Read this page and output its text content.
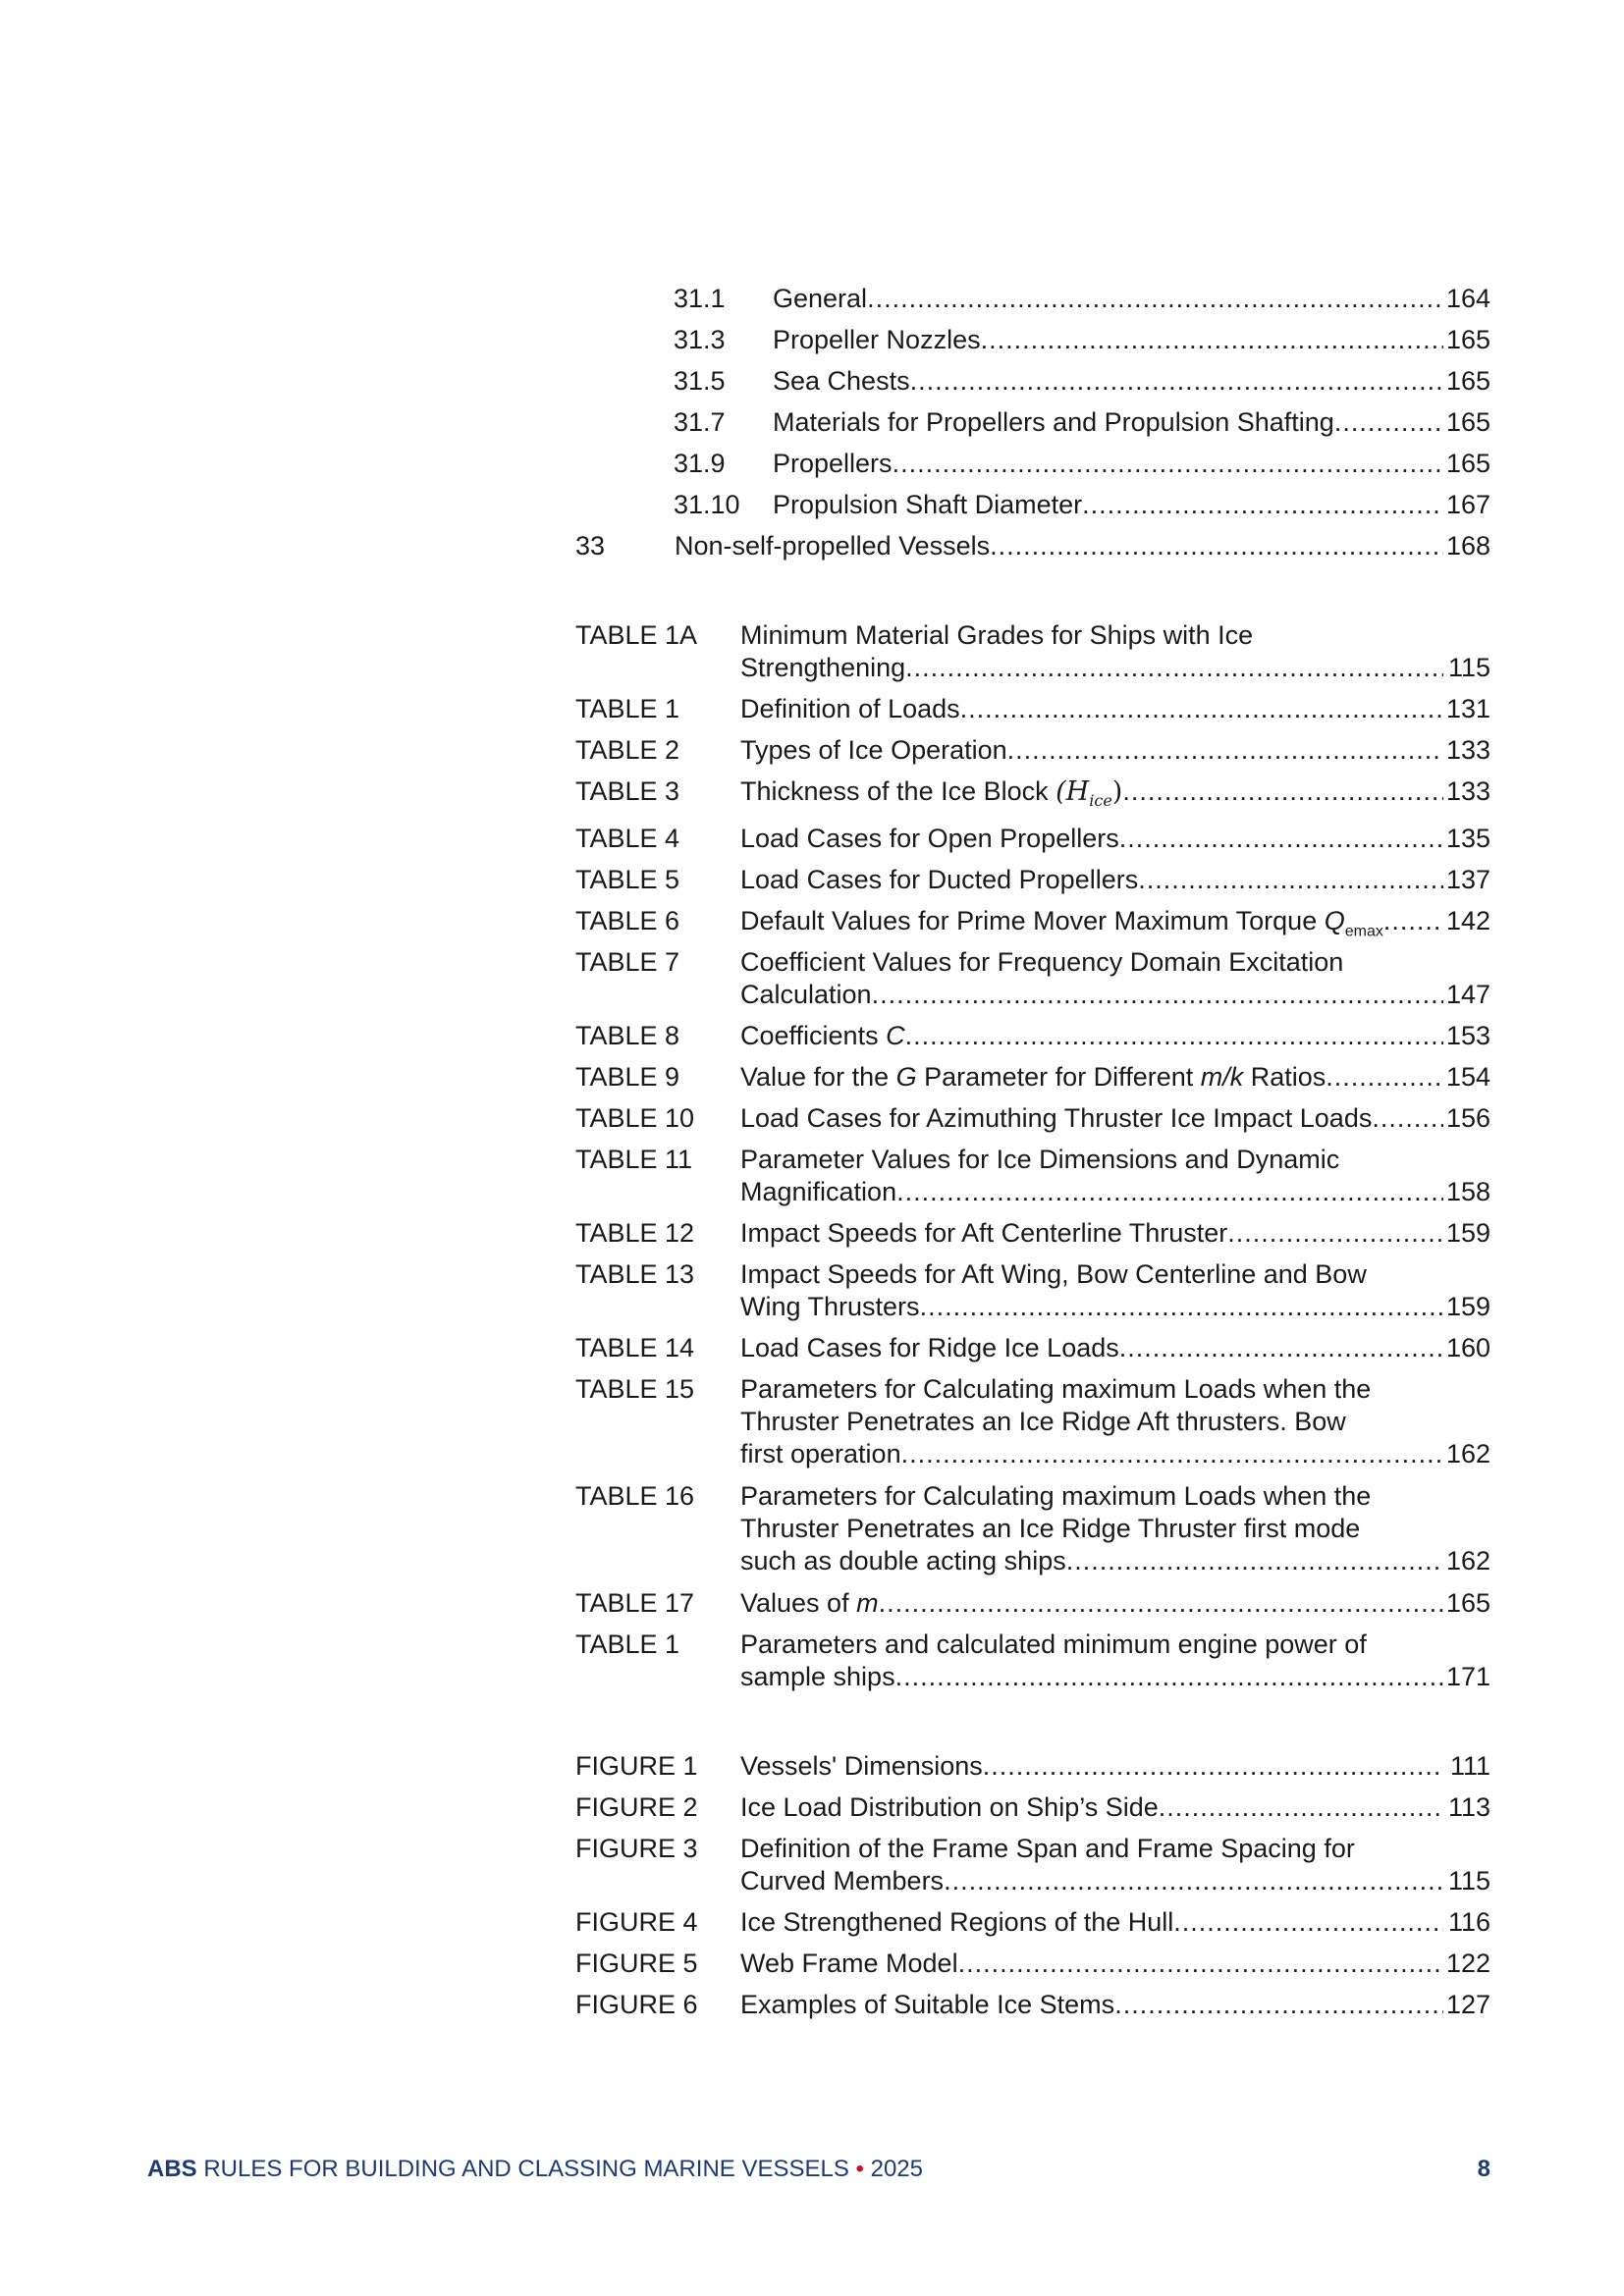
31.1	General .....	164
31.3	Propeller Nozzles .....	165
31.5	Sea Chests .....	165
31.7	Materials for Propellers and Propulsion Shafting .....	165
31.9	Propellers .....	165
31.10	Propulsion Shaft Diameter .....	167
33	Non-self-propelled Vessels .....	168
TABLE 1A Minimum Material Grades for Ships with Ice
Strengthening .....	115
TABLE 1	Definition of Loads .....	131
TABLE 2	Types of Ice Operation .....	133
TABLE 3	Thickness of the Ice Block $(H_{ice})$ .....	133
TABLE 4	Load Cases for Open Propellers .....	135
TABLE 5	Load Cases for Ducted Propellers .....	137
TABLE 6	Default Values for Prime Mover Maximum Torque $Q_{emax}$ ..... 142
TABLE 7 Coefficient Values for Frequency Domain Excitation
Calculation .....	147
TABLE 8	Coefficients C .....	153
TABLE 9	Value for the G Parameter for Different m/k Ratios .....	154
TABLE 10	Load Cases for Azimuthing Thruster Ice Impact Loads .....	156
TABLE 11 Parameter Values for Ice Dimensions and Dynamic
Magnification .....	158
TABLE 12	Impact Speeds for Aft Centerline Thruster .....	159
TABLE 13 Impact Speeds for Aft Wing, Bow Centerline and Bow
Wing Thrusters .....	159
TABLE 14	Load Cases for Ridge Ice Loads .....	160
TABLE 15 Parameters for Calculating maximum Loads when the
Thruster Penetrates an Ice Ridge Aft thrusters. Bow
first operation .....	162
TABLE 16 Parameters for Calculating maximum Loads when the
Thruster Penetrates an Ice Ridge Thruster first mode
such as double acting ships .....	162
TABLE 17	Values of m .....	165
TABLE 1 Parameters and calculated minimum engine power of
sample ships .....	171
FIGURE 1	Vessels' Dimensions .....	111
FIGURE 2	Ice Load Distribution on Ship’s Side .....	113
FIGURE 3 Definition of the Frame Span and Frame Spacing for
Curved Members .....	115
FIGURE 4	Ice Strengthened Regions of the Hull .....	116
FIGURE 5	Web Frame Model .....	122
FIGURE 6	Examples of Suitable Ice Stems .....	127
ABS RULES FOR BUILDING AND CLASSING MARINE VESSELS • 2025	8
